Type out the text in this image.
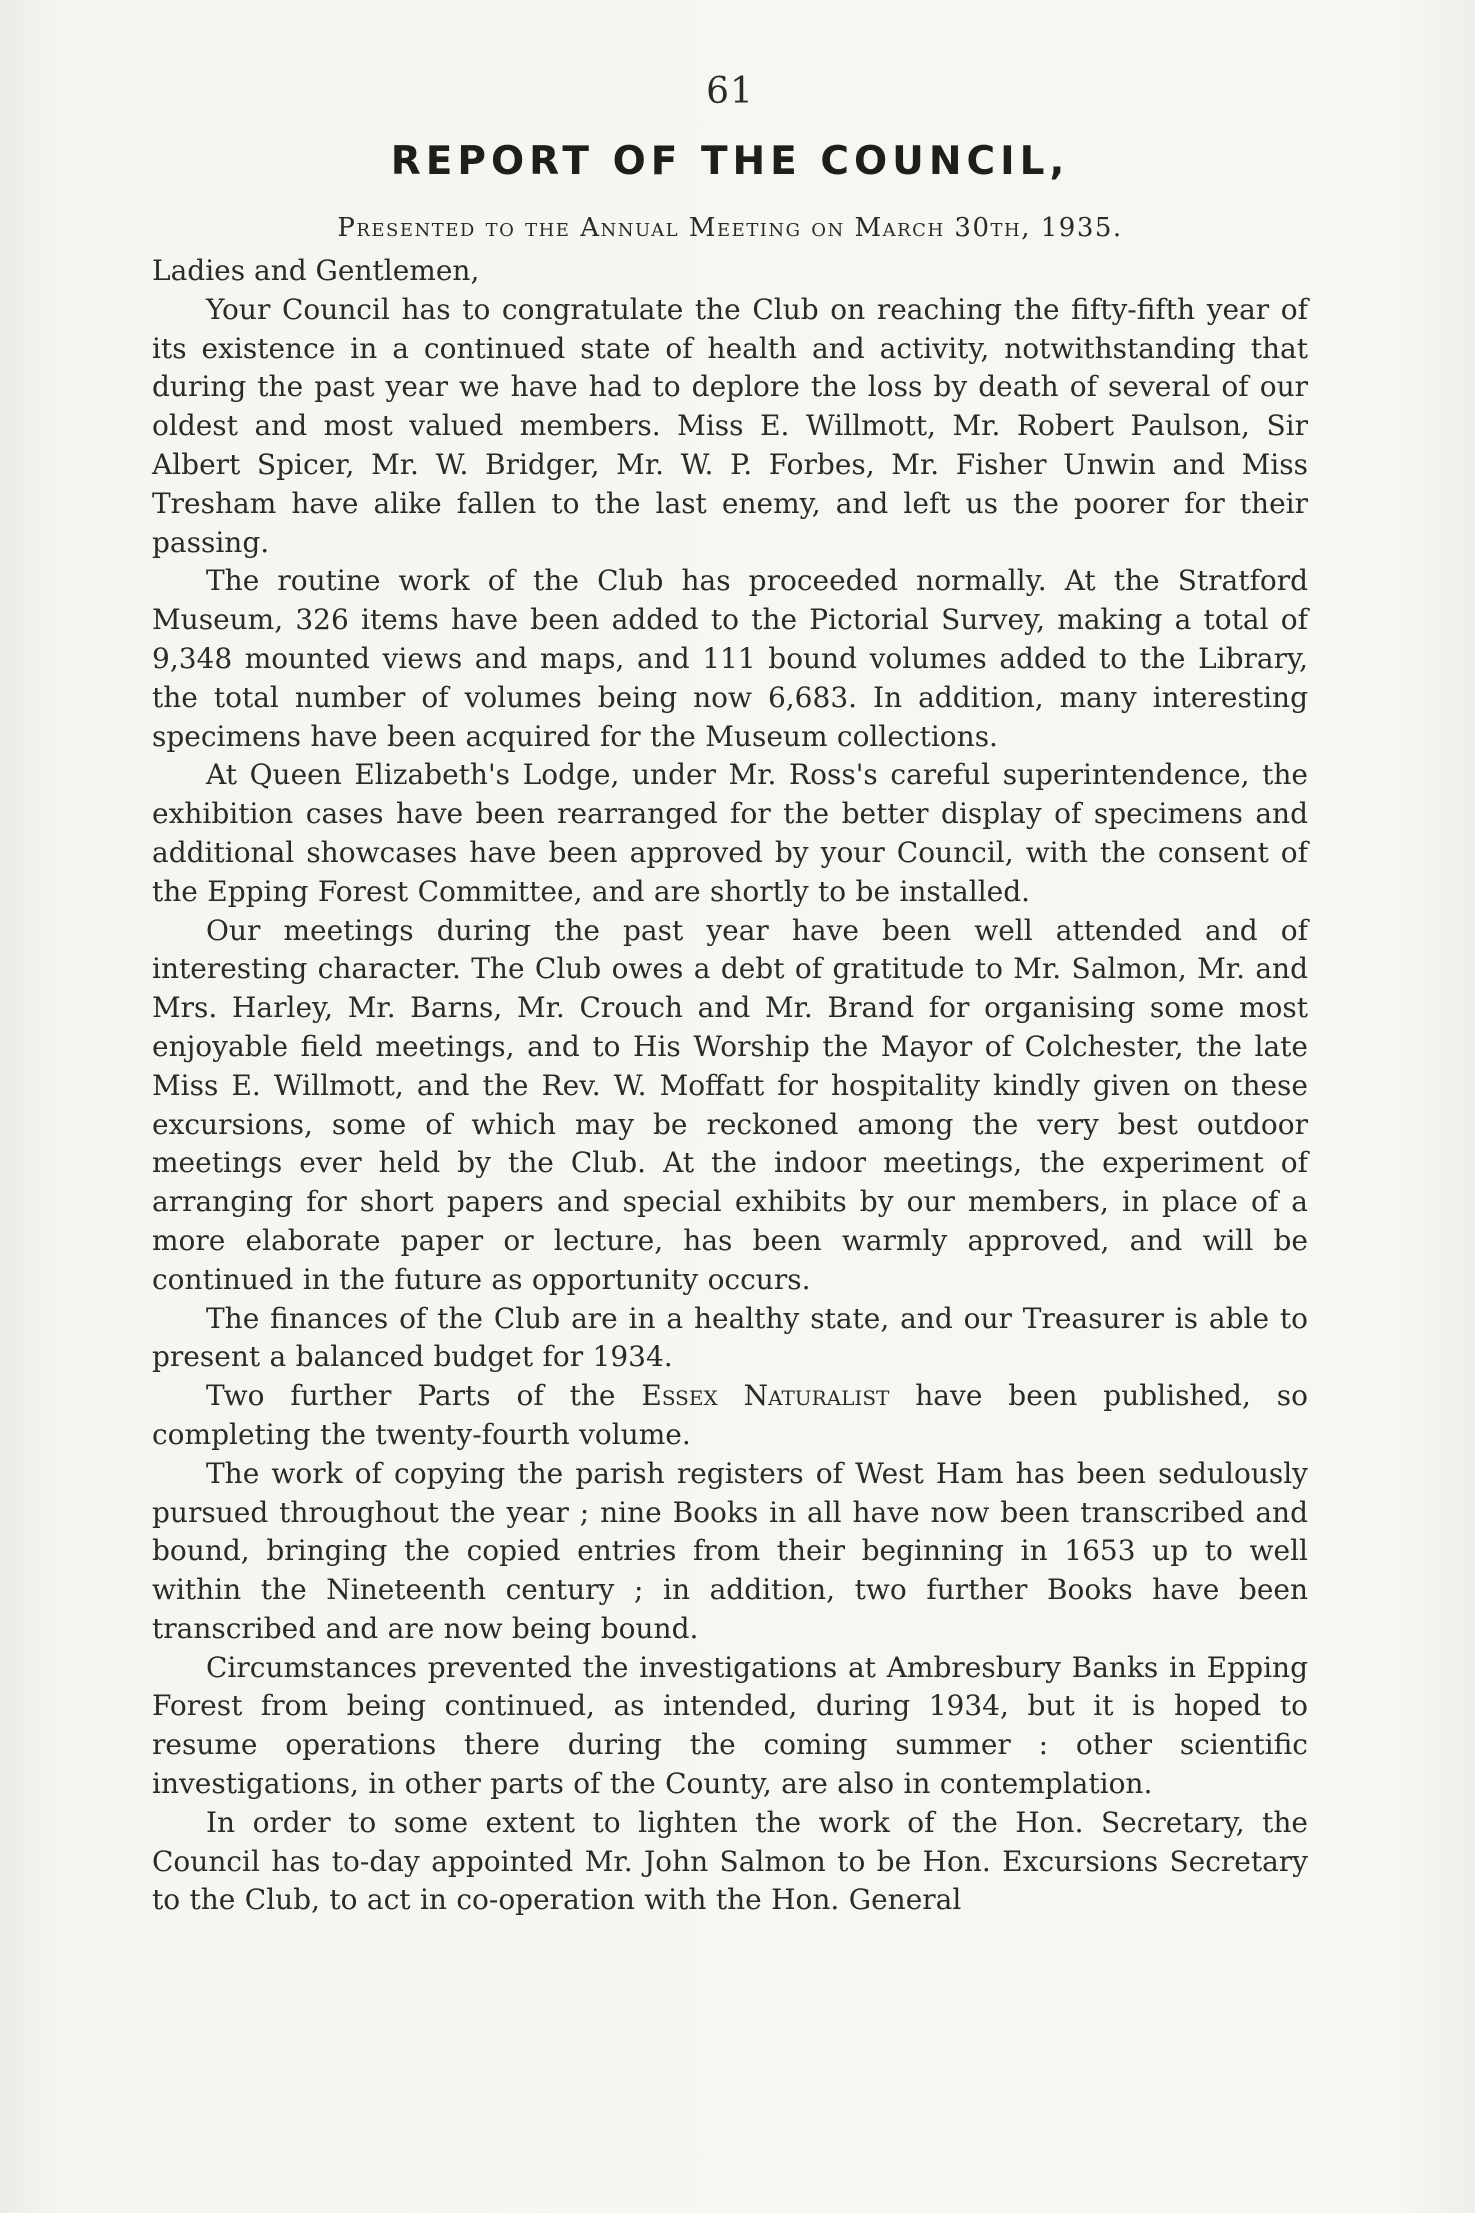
61
REPORT OF THE COUNCIL,
Presented to the Annual Meeting on March 30th, 1935.
Ladies and Gentlemen,

Your Council has to congratulate the Club on reaching the fifty-fifth year of its existence in a continued state of health and activity, notwithstanding that during the past year we have had to deplore the loss by death of several of our oldest and most valued members. Miss E. Willmott, Mr. Robert Paulson, Sir Albert Spicer, Mr. W. Bridger, Mr. W. P. Forbes, Mr. Fisher Unwin and Miss Tresham have alike fallen to the last enemy, and left us the poorer for their passing.

The routine work of the Club has proceeded normally. At the Stratford Museum, 326 items have been added to the Pictorial Survey, making a total of 9,348 mounted views and maps, and 111 bound volumes added to the Library, the total number of volumes being now 6,683. In addition, many interesting specimens have been acquired for the Museum collections.

At Queen Elizabeth's Lodge, under Mr. Ross's careful superintendence, the exhibition cases have been rearranged for the better display of specimens and additional showcases have been approved by your Council, with the consent of the Epping Forest Committee, and are shortly to be installed.

Our meetings during the past year have been well attended and of interesting character. The Club owes a debt of gratitude to Mr. Salmon, Mr. and Mrs. Harley, Mr. Barns, Mr. Crouch and Mr. Brand for organising some most enjoyable field meetings, and to His Worship the Mayor of Colchester, the late Miss E. Willmott, and the Rev. W. Moffatt for hospitality kindly given on these excursions, some of which may be reckoned among the very best outdoor meetings ever held by the Club. At the indoor meetings, the experiment of arranging for short papers and special exhibits by our members, in place of a more elaborate paper or lecture, has been warmly approved, and will be continued in the future as opportunity occurs.

The finances of the Club are in a healthy state, and our Treasurer is able to present a balanced budget for 1934.

Two further Parts of the Essex Naturalist have been published, so completing the twenty-fourth volume.

The work of copying the parish registers of West Ham has been sedulously pursued throughout the year ; nine Books in all have now been transcribed and bound, bringing the copied entries from their beginning in 1653 up to well within the Nineteenth century ; in addition, two further Books have been transcribed and are now being bound.

Circumstances prevented the investigations at Ambresbury Banks in Epping Forest from being continued, as intended, during 1934, but it is hoped to resume operations there during the coming summer : other scientific investigations, in other parts of the County, are also in contemplation.

In order to some extent to lighten the work of the Hon. Secretary, the Council has to-day appointed Mr. John Salmon to be Hon. Excursions Secretary to the Club, to act in co-operation with the Hon. General
